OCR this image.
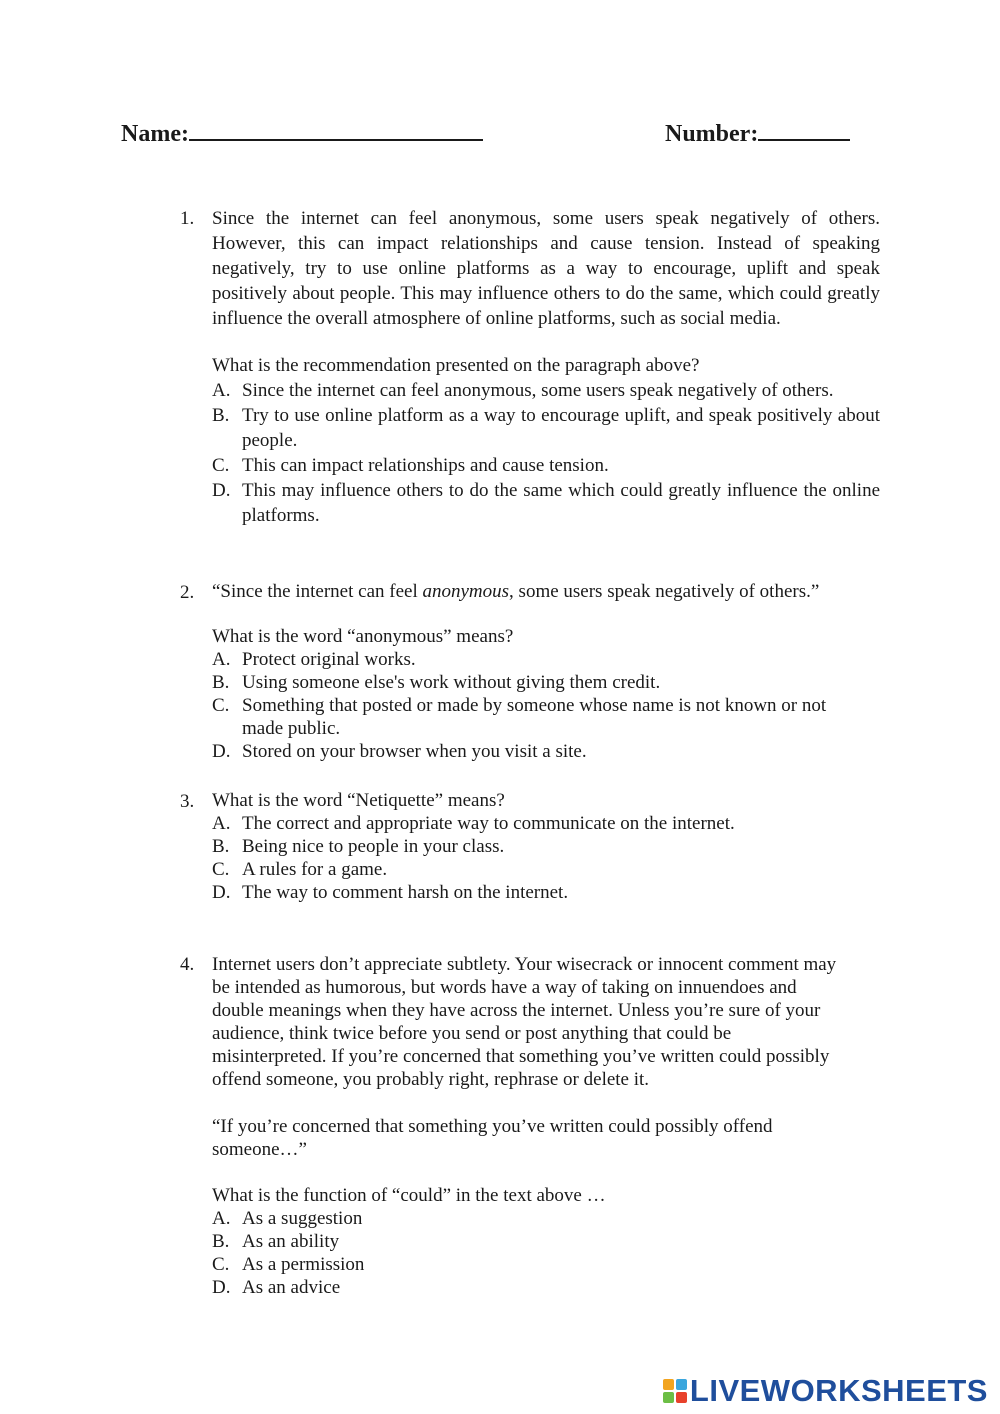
Name:	Number:
1. Since the internet can feel anonymous, some users speak negatively of others. However, this can impact relationships and cause tension. Instead of speaking negatively, try to use online platforms as a way to encourage, uplift and speak positively about people. This may influence others to do the same, which could greatly influence the overall atmosphere of online platforms, such as social media.

What is the recommendation presented on the paragraph above?
A. Since the internet can feel anonymous, some users speak negatively of others.
B. Try to use online platform as a way to encourage uplift, and speak positively about people.
C. This can impact relationships and cause tension.
D. This may influence others to do the same which could greatly influence the online platforms.
2. “Since the internet can feel anonymous, some users speak negatively of others.”
What is the word “anonymous” means?
A. Protect original works.
B. Using someone else's work without giving them credit.
C. Something that posted or made by someone whose name is not known or not made public.
D. Stored on your browser when you visit a site.
3. What is the word “Netiquette” means?
A. The correct and appropriate way to communicate on the internet.
B. Being nice to people in your class.
C. A rules for a game.
D. The way to comment harsh on the internet.
4. Internet users don’t appreciate subtlety. Your wisecrack or innocent comment may
be intended as humorous, but words have a way of taking on innuendoes and
double meanings when they have across the internet. Unless you’re sure of your
audience, think twice before you send or post anything that could be
misinterpreted. If you’re concerned that something you’ve written could possibly
offend someone, you probably right, rephrase or delete it.
“If you’re concerned that something you’ve written could possibly offend
someone…”
What is the function of “could” in the text above …
A. As a suggestion
B. As an ability
C. As a permission
D. As an advice
LIVEWORKSHEETS
